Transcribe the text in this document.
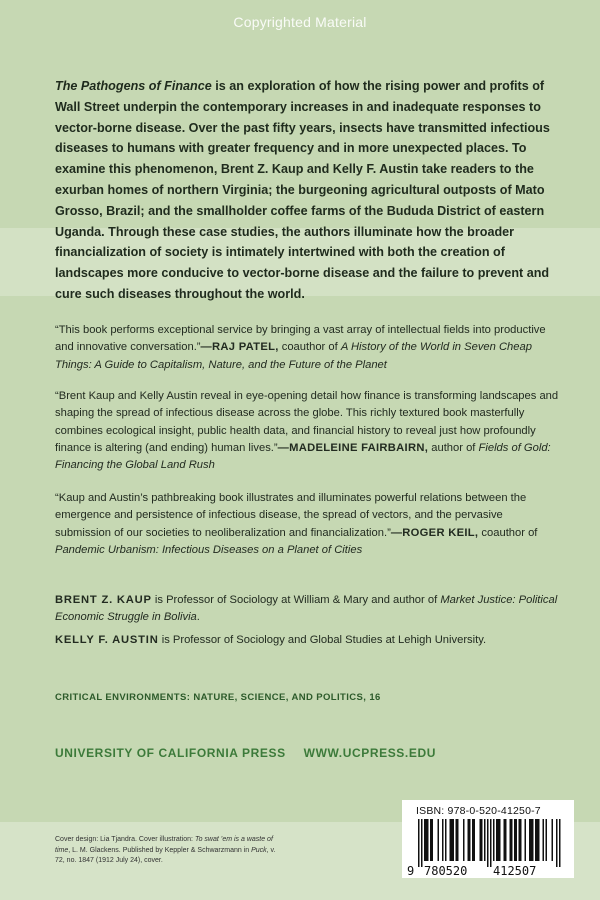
Copyrighted Material

The Pathogens of Finance is an exploration of how the rising power and profits of Wall Street underpin the contemporary increases in and inadequate responses to vector-borne disease. Over the past fifty years, insects have transmitted infectious diseases to humans with greater frequency and in more unexpected places. To examine this phenomenon, Brent Z. Kaup and Kelly F. Austin take readers to the exurban homes of northern Virginia; the burgeoning agricultural outposts of Mato Grosso, Brazil; and the smallholder coffee farms of the Bududa District of eastern Uganda. Through these case studies, the authors illuminate how the broader financialization of society is intimately intertwined with both the creation of landscapes more conducive to vector-borne disease and the failure to prevent and cure such diseases throughout the world.

“This book performs exceptional service by bringing a vast array of intellectual fields into productive and innovative conversation.”—RAJ PATEL, coauthor of A History of the World in Seven Cheap Things: A Guide to Capitalism, Nature, and the Future of the Planet

“Brent Kaup and Kelly Austin reveal in eye-opening detail how finance is transforming landscapes and shaping the spread of infectious disease across the globe. This richly textured book masterfully combines ecological insight, public health data, and financial history to reveal just how profoundly finance is altering (and ending) human lives.”—MADELEINE FAIRBAIRN, author of Fields of Gold: Financing the Global Land Rush

“Kaup and Austin’s pathbreaking book illustrates and illuminates powerful relations between the emergence and persistence of infectious disease, the spread of vectors, and the pervasive submission of our societies to neoliberalization and financialization.”—ROGER KEIL, coauthor of Pandemic Urbanism: Infectious Diseases on a Planet of Cities

BRENT Z. KAUP is Professor of Sociology at William & Mary and author of Market Justice: Political Economic Struggle in Bolivia.

KELLY F. AUSTIN is Professor of Sociology and Global Studies at Lehigh University.

CRITICAL ENVIRONMENTS: NATURE, SCIENCE, AND POLITICS, 16

UNIVERSITY OF CALIFORNIA PRESS WWW.UCPRESS.EDU

Cover design: Lia Tjandra. Cover illustration: To swat ’em is a waste of time, L. M. Glackens. Published by Keppler & Schwarzmann in Puck, v. 72, no. 1847 (1912 July 24), cover.

ISBN: 978-0-520-41250-7
9 780520 412507
